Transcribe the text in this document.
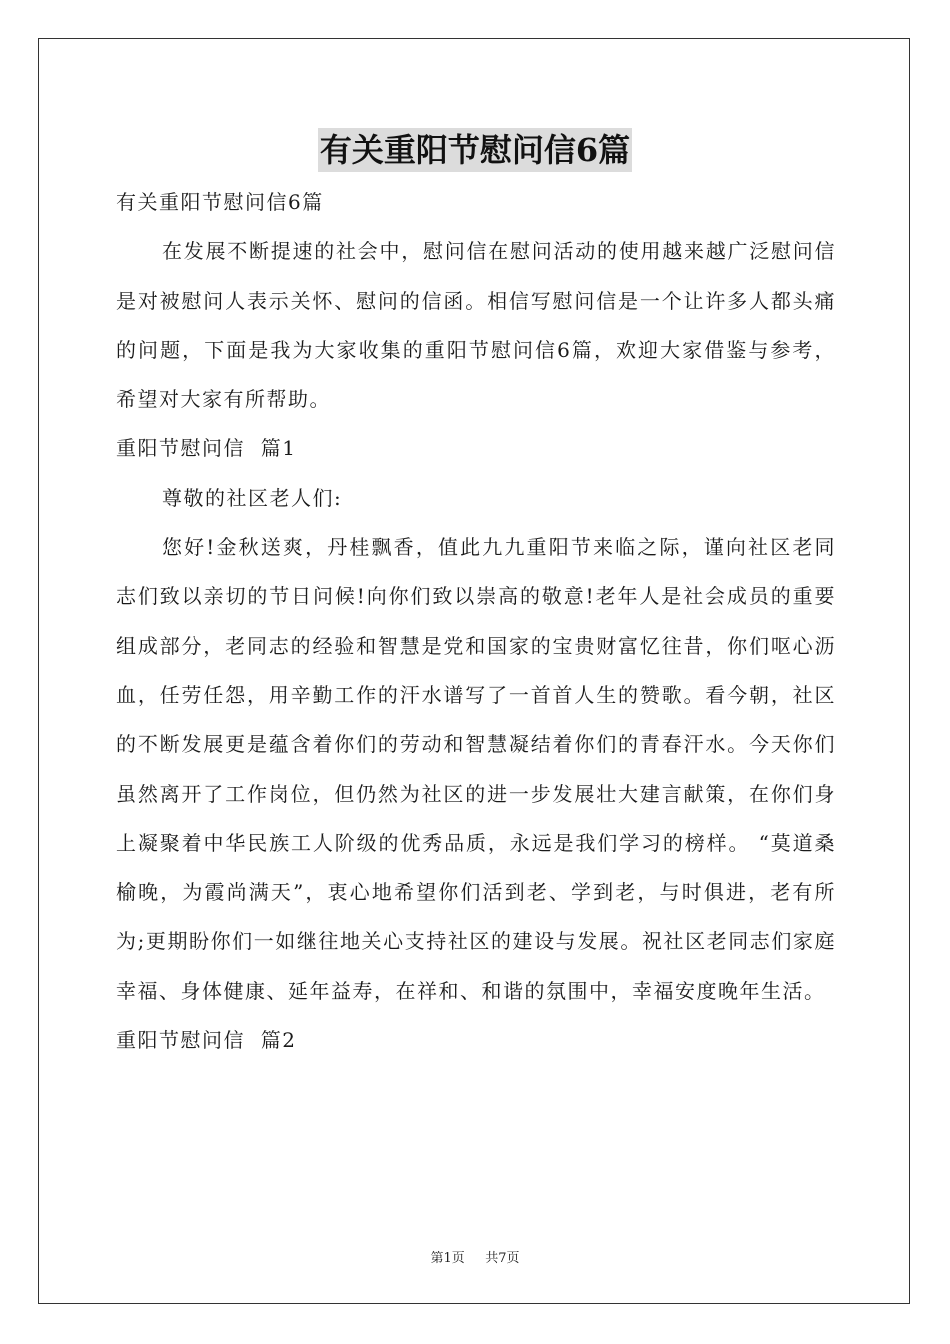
有关重阳节慰问信6篇

有关重阳节慰问信6篇

在发展不断提速的社会中，慰问信在慰问活动的使用越来越广泛慰问信是对被慰问人表示关怀、慰问的信函。相信写慰问信是一个让许多人都头痛的问题，下面是我为大家收集的重阳节慰问信6篇，欢迎大家借鉴与参考，希望对大家有所帮助。

重阳节慰问信  篇1

尊敬的社区老人们:

您好!金秋送爽，丹桂飘香，值此九九重阳节来临之际，谨向社区老同志们致以亲切的节日问候!向你们致以崇高的敬意!老年人是社会成员的重要组成部分，老同志的经验和智慧是党和国家的宝贵财富忆往昔，你们呕心沥血，任劳任怨，用辛勤工作的汗水谱写了一首首人生的赞歌。看今朝，社区的不断发展更是蕴含着你们的劳动和智慧凝结着你们的青春汗水。今天你们虽然离开了工作岗位，但仍然为社区的进一步发展壮大建言献策，在你们身上凝聚着中华民族工人阶级的优秀品质，永远是我们学习的榜样。 “莫道桑榆晚，为霞尚满天”，衷心地希望你们活到老、学到老，与时俱进，老有所为;更期盼你们一如继往地关心支持社区的建设与发展。祝社区老同志们家庭幸福、身体健康、延年益寿，在祥和、和谐的氛围中，幸福安度晚年生活。

重阳节慰问信  篇2

第1页 共7页
